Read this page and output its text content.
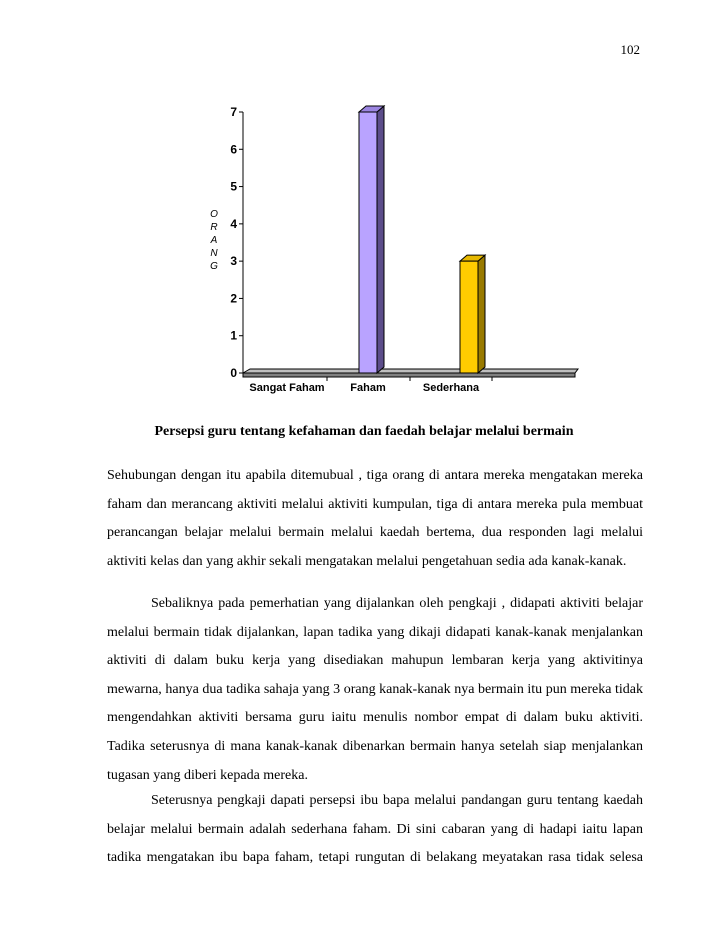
102
0
1
2
3
4
5
6
7
O
R
A
N
G
Sangat Faham Faham	Sederhana
Persepsi guru tentang kefahaman dan faedah belajar melalui bermain

Sehubungan dengan itu apabila ditemubual , tiga orang di antara mereka mengatakan mereka faham dan merancang aktiviti melalui aktiviti kumpulan, tiga di antara mereka pula membuat perancangan belajar melalui bermain melalui kaedah bertema, dua responden lagi melalui aktiviti kelas dan yang akhir sekali mengatakan melalui pengetahuan sedia ada kanak-kanak.

Sebaliknya pada pemerhatian yang dijalankan oleh pengkaji , didapati aktiviti belajar melalui bermain tidak dijalankan, lapan tadika yang dikaji didapati kanak-kanak menjalankan aktiviti di dalam buku kerja yang disediakan mahupun lembaran kerja yang aktivitinya mewarna, hanya dua tadika sahaja yang 3 orang kanak-kanak nya bermain itu pun mereka tidak mengendahkan aktiviti bersama guru iaitu menulis nombor empat di dalam buku aktiviti. Tadika seterusnya di mana kanak-kanak dibenarkan bermain hanya setelah siap menjalankan tugasan yang diberi kepada mereka.

Seterusnya pengkaji dapati persepsi ibu bapa melalui pandangan guru tentang kaedah belajar melalui bermain adalah sederhana faham. Di sini cabaran yang di hadapi iaitu lapan tadika mengatakan ibu bapa faham, tetapi rungutan di belakang meyatakan rasa tidak selesa
